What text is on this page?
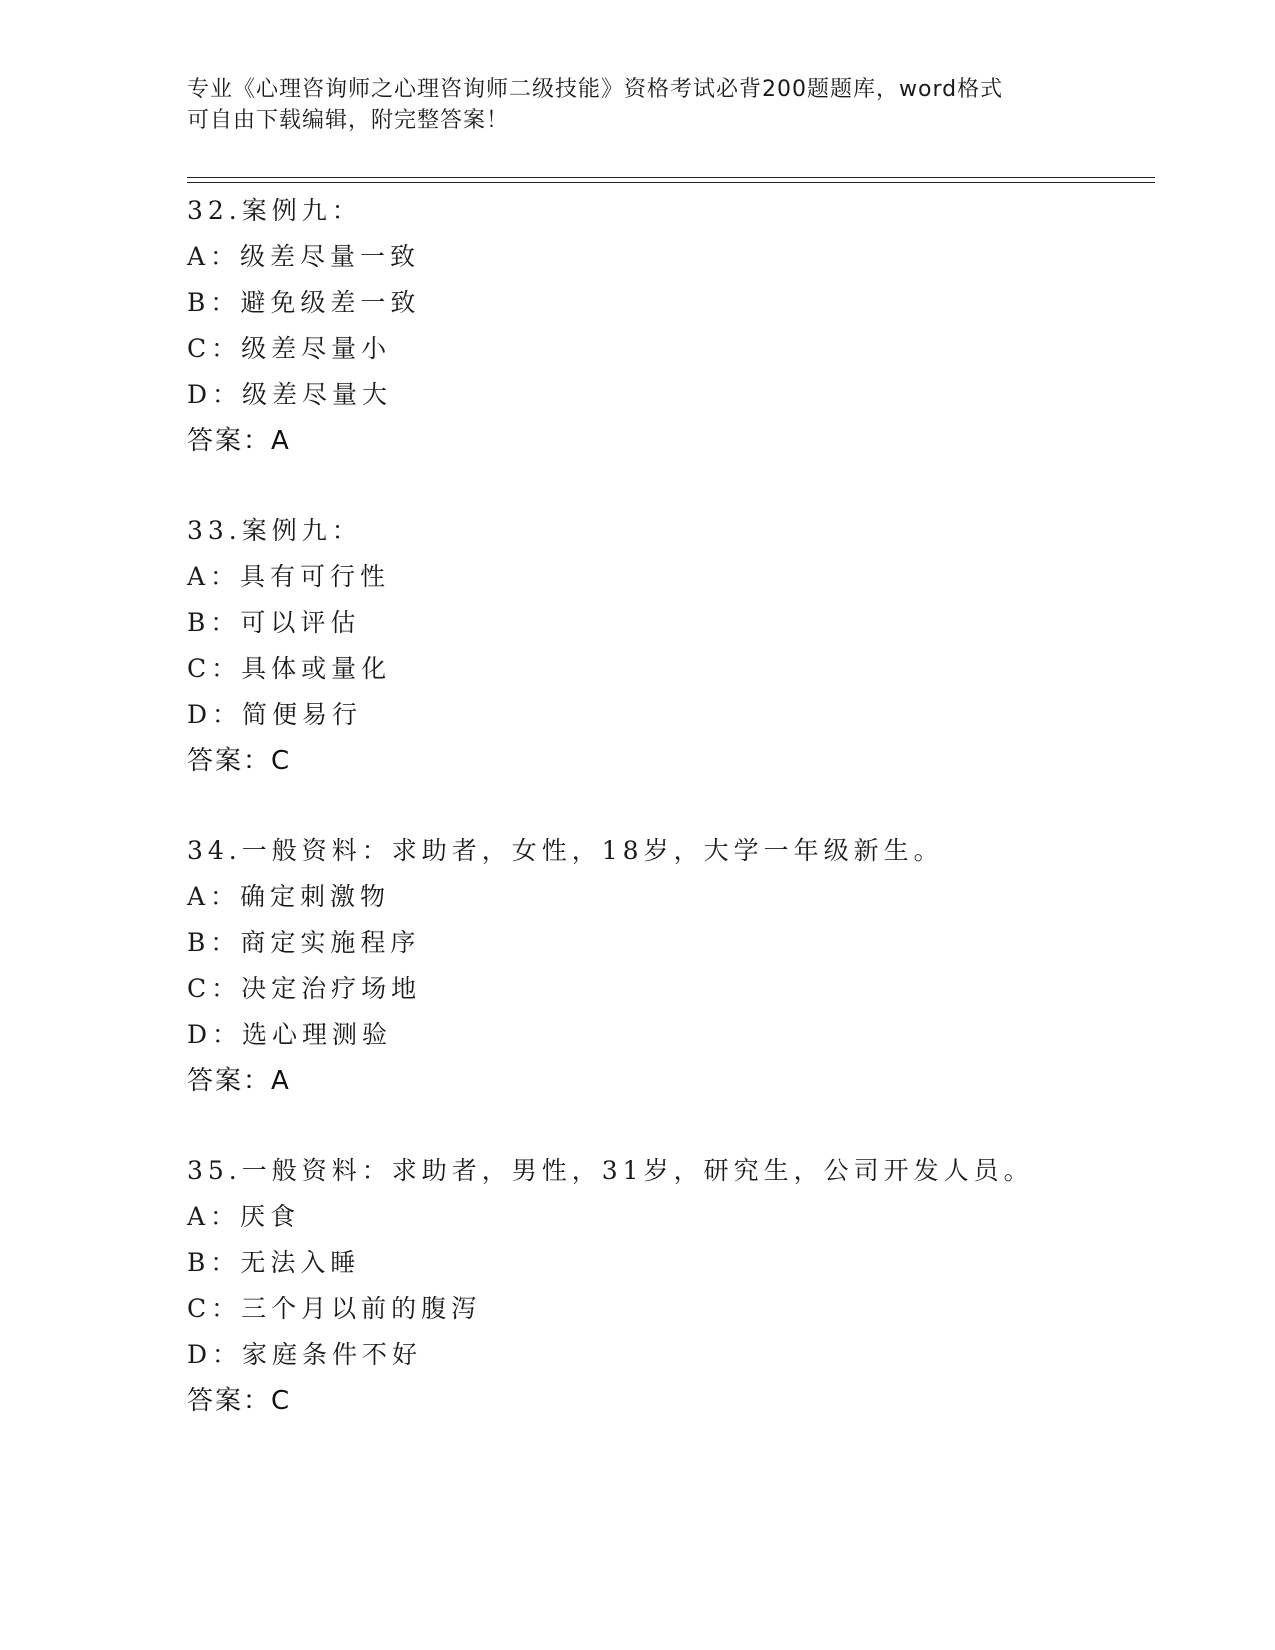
专业《心理咨询师之心理咨询师二级技能》资格考试必背200题题库，word格式
可自由下载编辑，附完整答案！
32.案例九：
A：级差尽量一致
B：避免级差一致
C：级差尽量小
D：级差尽量大
答案：A
33.案例九：
A：具有可行性
B：可以评估
C：具体或量化
D：简便易行
答案：C
34.一般资料：求助者，女性，18岁，大学一年级新生。
A：确定刺激物
B：商定实施程序
C：决定治疗场地
D：选心理测验
答案：A
35.一般资料：求助者，男性，31岁，研究生，公司开发人员。
A：厌食
B：无法入睡
C：三个月以前的腹泻
D：家庭条件不好
答案：C
